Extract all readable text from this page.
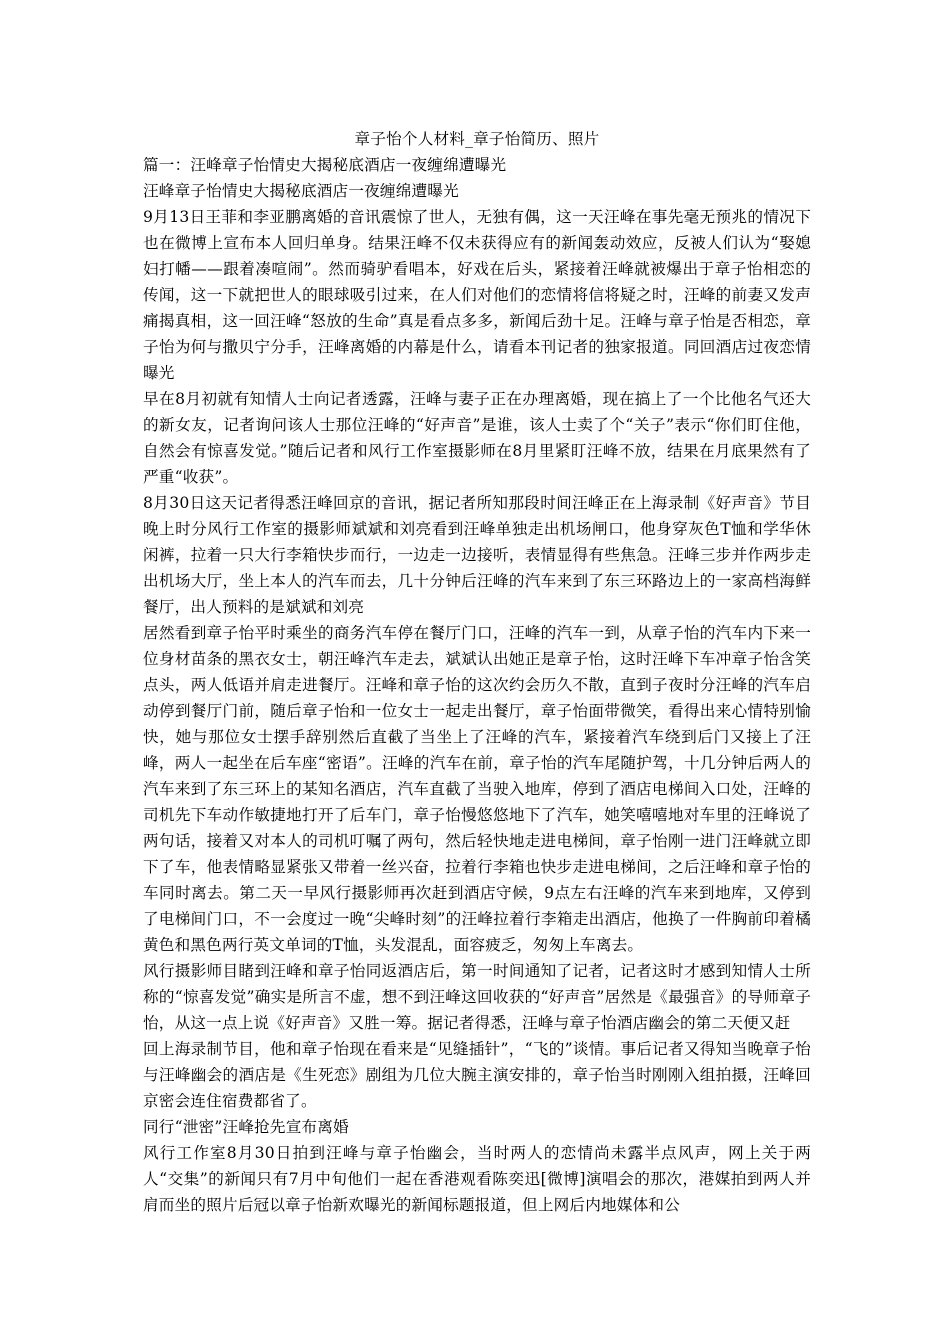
章子怡个人材料_章子怡简历、照片

篇一：汪峰章子怡情史大揭秘底酒店一夜缠绵遭曝光

汪峰章子怡情史大揭秘底酒店一夜缠绵遭曝光

9月13日王菲和李亚鹏离婚的音讯震惊了世人，无独有偶，这一天汪峰在事先毫无预兆的情况下也在微博上宣布本人回归单身。结果汪峰不仅未获得应有的新闻轰动效应，反被人们认为“娶媳妇打幡——跟着凑喧闹”。然而骑驴看唱本，好戏在后头，紧接着汪峰就被爆出于章子怡相恋的传闻，这一下就把世人的眼球吸引过来，在人们对他们的恋情将信将疑之时，汪峰的前妻又发声痛揭真相，这一回汪峰“怒放的生命”真是看点多多，新闻后劲十足。汪峰与章子怡是否相恋，章子怡为何与撒贝宁分手，汪峰离婚的内幕是什么，请看本刊记者的独家报道。同回酒店过夜恋情曝光

早在8月初就有知情人士向记者透露，汪峰与妻子正在办理离婚，现在搞上了一个比他名气还大的新女友，记者询问该人士那位汪峰的“好声音”是谁，该人士卖了个“关子”表示“你们盯住他，自然会有惊喜发觉。”随后记者和风行工作室摄影师在8月里紧盯汪峰不放，结果在月底果然有了严重“收获”。

8月30日这天记者得悉汪峰回京的音讯，据记者所知那段时间汪峰正在上海录制《好声音》节目晚上时分风行工作室的摄影师斌斌和刘亮看到汪峰单独走出机场闸口，他身穿灰色T恤和学华休闲裤，拉着一只大行李箱快步而行，一边走一边接听，表情显得有些焦急。汪峰三步并作两步走出机场大厅，坐上本人的汽车而去，几十分钟后汪峰的汽车来到了东三环路边上的一家高档海鲜餐厅，出人预料的是斌斌和刘亮

居然看到章子怡平时乘坐的商务汽车停在餐厅门口，汪峰的汽车一到，从章子怡的汽车内下来一位身材苗条的黑衣女士，朝汪峰汽车走去，斌斌认出她正是章子怡，这时汪峰下车冲章子怡含笑点头，两人低语并肩走进餐厅。汪峰和章子怡的这次约会历久不散，直到子夜时分汪峰的汽车启动停到餐厅门前，随后章子怡和一位女士一起走出餐厅，章子怡面带微笑，看得出来心情特别愉快，她与那位女士摆手辞别然后直截了当坐上了汪峰的汽车，紧接着汽车绕到后门又接上了汪峰，两人一起坐在后车座“密语”。汪峰的汽车在前，章子怡的汽车尾随护驾，十几分钟后两人的汽车来到了东三环上的某知名酒店，汽车直截了当驶入地库，停到了酒店电梯间入口处，汪峰的司机先下车动作敏捷地打开了后车门，章子怡慢悠悠地下了汽车，她笑嘻嘻地对车里的汪峰说了两句话，接着又对本人的司机叮嘱了两句，然后轻快地走进电梯间，章子怡刚一进门汪峰就立即下了车，他表情略显紧张又带着一丝兴奋，拉着行李箱也快步走进电梯间，之后汪峰和章子怡的车同时离去。第二天一早风行摄影师再次赶到酒店守候，9点左右汪峰的汽车来到地库，又停到了电梯间门口，不一会度过一晚“尖峰时刻”的汪峰拉着行李箱走出酒店，他换了一件胸前印着橘黄色和黑色两行英文单词的T恤，头发混乱，面容疲乏，匆匆上车离去。

风行摄影师目睹到汪峰和章子怡同返酒店后，第一时间通知了记者，记者这时才感到知情人士所称的“惊喜发觉”确实是所言不虚，想不到汪峰这回收获的“好声音”居然是《最强音》的导师章子怡，从这一点上说《好声音》又胜一筹。据记者得悉，汪峰与章子怡酒店幽会的第二天便又赶

回上海录制节目，他和章子怡现在看来是“见缝插针”，“飞的”谈情。事后记者又得知当晚章子怡与汪峰幽会的酒店是《生死恋》剧组为几位大腕主演安排的，章子怡当时刚刚入组拍摄，汪峰回京密会连住宿费都省了。

同行“泄密”汪峰抢先宣布离婚

风行工作室8月30日拍到汪峰与章子怡幽会，当时两人的恋情尚未露半点风声，网上关于两人“交集”的新闻只有7月中旬他们一起在香港观看陈奕迅[微博]演唱会的那次，港媒拍到两人并肩而坐的照片后冠以章子怡新欢曝光的新闻标题报道，但上网后内地媒体和公
